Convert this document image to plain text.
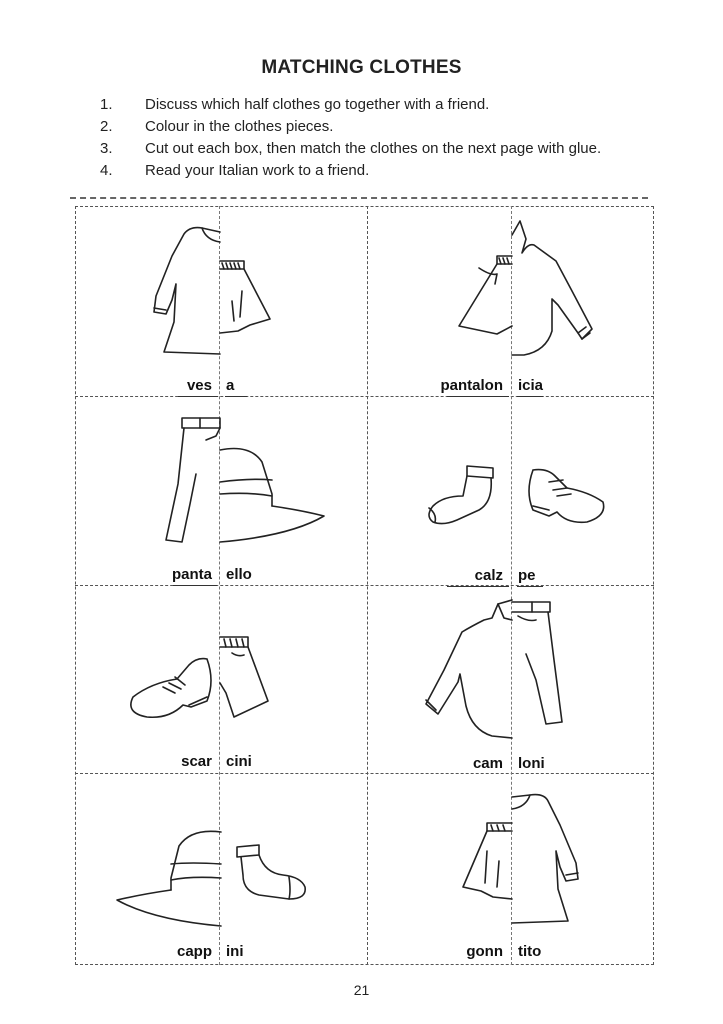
MATCHING CLOTHES
1.	Discuss which half clothes go together with a friend.
2.	Colour in the clothes pieces.
3.	Cut out each box, then match the clothes on the next page with glue.
4.	Read your Italian work to a friend.
ves a	pantalon icia
panta ello	calz pe
scar cini	cam loni
capp ini	gonn tito
21
